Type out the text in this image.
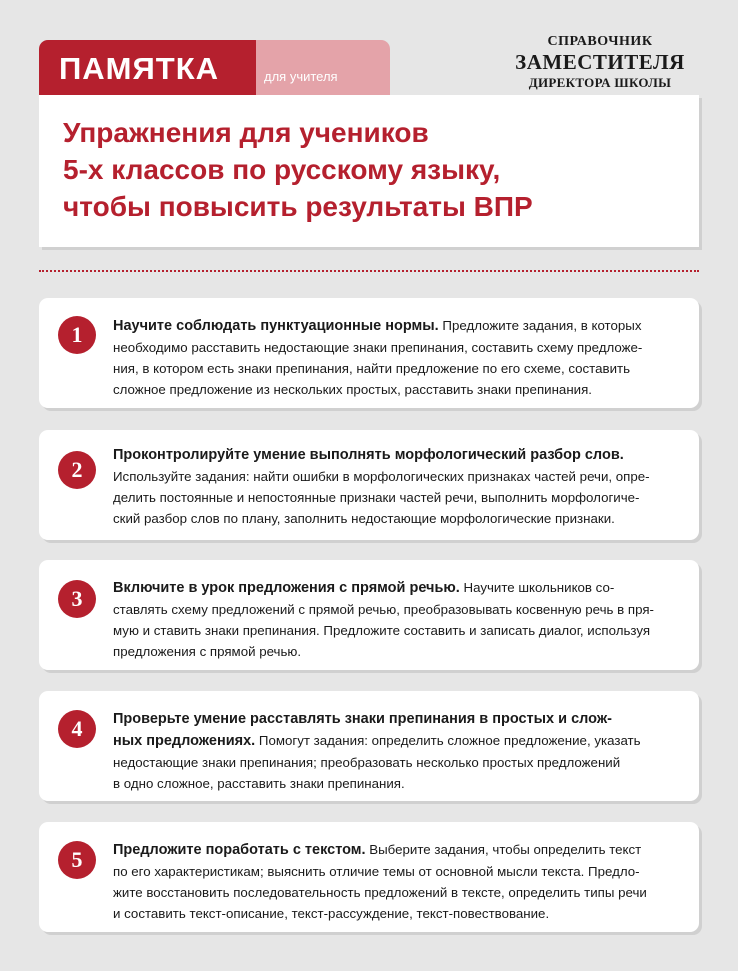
ПАМЯТКА	для учителя
СПРАВОЧНИК
ЗАМЕСТИТЕЛЯ
ДИРЕКТОРА ШКОЛЫ
Упражнения для учеников
5-х классов по русскому языку,
чтобы повысить результаты ВПР
1	Научите соблюдать пунктуационные нормы. Предложите задания, в которых
необходимо расставить недостающие знаки препинания, составить схему предложе-
ния, в котором есть знаки препинания, найти предложение по его схеме, составить
сложное предложение из нескольких простых, расставить знаки препинания.
2
Проконтролируйте умение выполнять морфологический разбор слов.
Используйте задания: найти ошибки в морфологических признаках частей речи, опре-
делить постоянные и непостоянные признаки частей речи, выполнить морфологиче-
ский разбор слов по плану, заполнить недостающие морфологические признаки.
3	Включите в урок предложения с прямой речью. Научите школьников со-
ставлять схему предложений с прямой речью, преобразовывать косвенную речь в пря-
мую и ставить знаки препинания. Предложите составить и записать диалог, используя
предложения с прямой речью.
4	Проверьте умение расставлять знаки препинания в простых и слож-
ных предложениях. Помогут задания: определить сложное предложение, указать
недостающие знаки препинания; преобразовать несколько простых предложений
в одно сложное, расставить знаки препинания.
5	Предложите поработать с текстом. Выберите задания, чтобы определить текст
по его характеристикам; выяснить отличие темы от основной мысли текста. Предло-
жите восстановить последовательность предложений в тексте, определить типы речи
и составить текст-описание, текст-рассуждение, текст-повествование.
